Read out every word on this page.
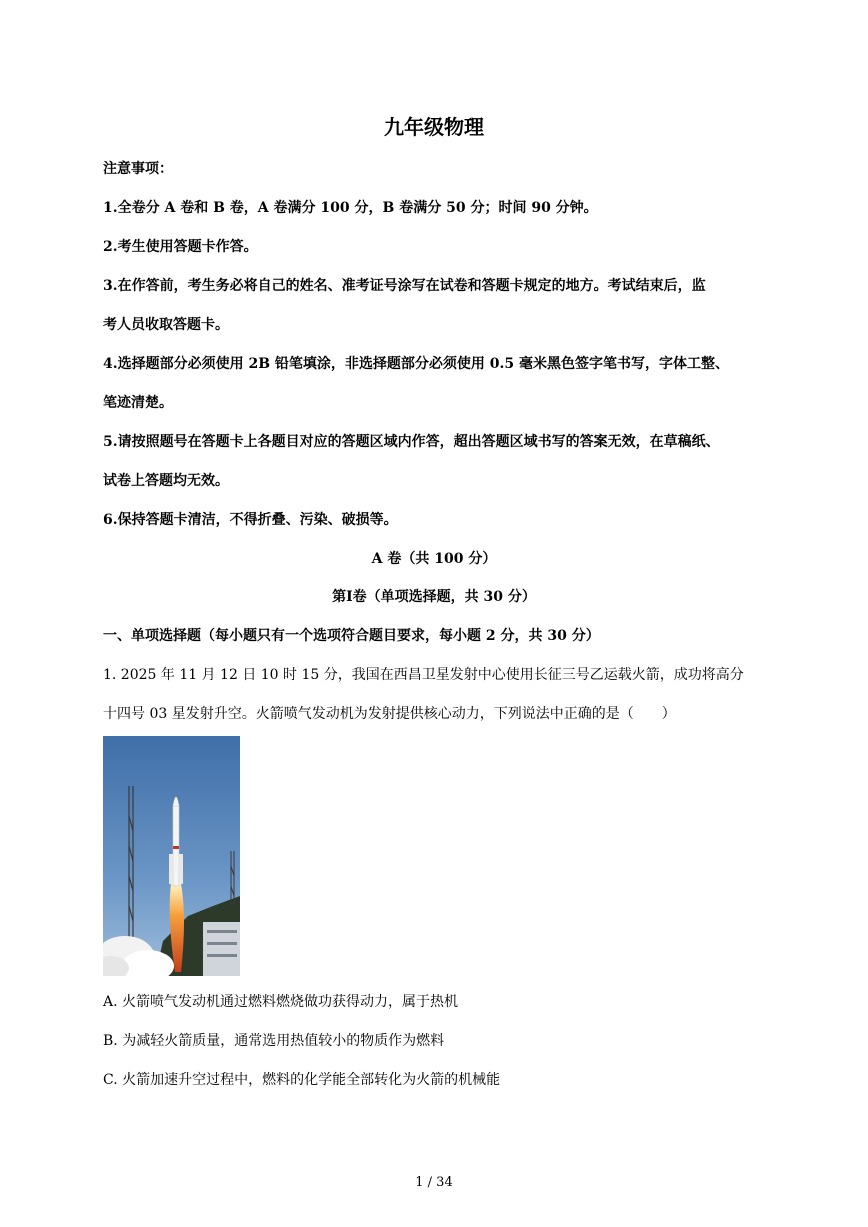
九年级物理
注意事项：
1.全卷分 A 卷和 B 卷，A 卷满分 100 分，B 卷满分 50 分；时间 90 分钟。
2.考生使用答题卡作答。
3.在作答前，考生务必将自己的姓名、准考证号涂写在试卷和答题卡规定的地方。考试结束后，监
考人员收取答题卡。
4.选择题部分必须使用 2B 铅笔填涂，非选择题部分必须使用 0.5 毫米黑色签字笔书写，字体工整、
笔迹清楚。
5.请按照题号在答题卡上各题目对应的答题区域内作答，超出答题区域书写的答案无效，在草稿纸、
试卷上答题均无效。
6.保持答题卡清洁，不得折叠、污染、破损等。
A 卷（共 100 分）
第Ⅰ卷（单项选择题，共 30 分）
一、单项选择题（每小题只有一个选项符合题目要求，每小题 2 分，共 30 分）
1. 2025 年 11 月 12 日 10 时 15 分，我国在西昌卫星发射中心使用长征三号乙运载火箭，成功将高分
十四号 03 星发射升空。火箭喷气发动机为发射提供核心动力，下列说法中正确的是（　　）
A. 火箭喷气发动机通过燃料燃烧做功获得动力，属于热机
B. 为减轻火箭质量，通常选用热值较小的物质作为燃料
C. 火箭加速升空过程中，燃料的化学能全部转化为火箭的机械能
1 / 34
